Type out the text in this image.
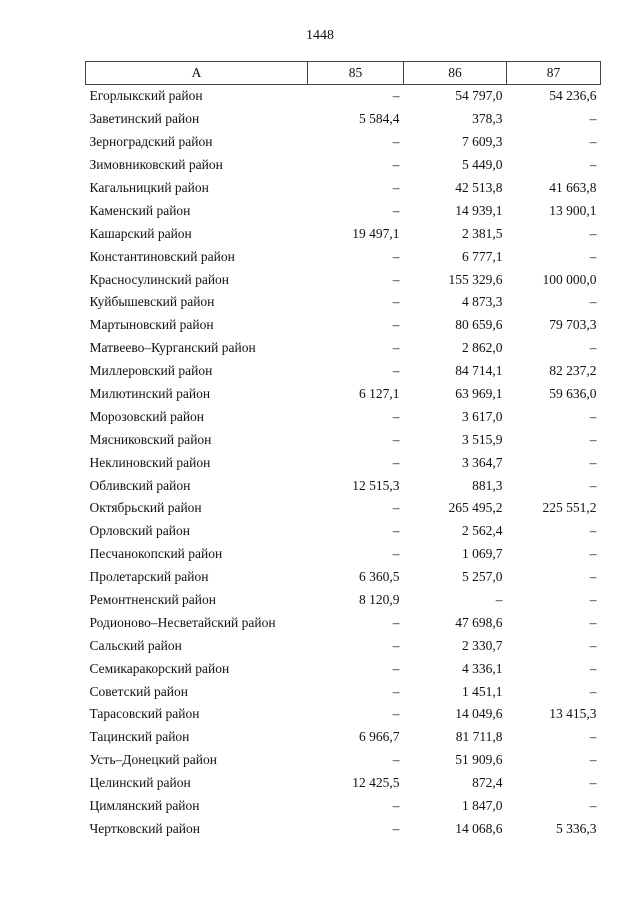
1448
А	85	86	87
Егорлыкский район	–	54 797,0	54 236,6
Заветинский район	5 584,4	378,3	–
Зерноградский район	–	7 609,3	–
Зимовниковский район	–	5 449,0	–
Кагальницкий район	–	42 513,8	41 663,8
Каменский район	–	14 939,1	13 900,1
Кашарский район	19 497,1	2 381,5	–
Константиновский район	–	6 777,1	–
Красносулинский район	–	155 329,6	100 000,0
Куйбышевский район	–	4 873,3	–
Мартыновский район	–	80 659,6	79 703,3
Матвеево–Курганский район	–	2 862,0	–
Миллеровский район	–	84 714,1	82 237,2
Милютинский район	6 127,1	63 969,1	59 636,0
Морозовский район	–	3 617,0	–
Мясниковский район	–	3 515,9	–
Неклиновский район	–	3 364,7	–
Обливский район	12 515,3	881,3	–
Октябрьский район	–	265 495,2	225 551,2
Орловский район	–	2 562,4	–
Песчанокопский район	–	1 069,7	–
Пролетарский район	6 360,5	5 257,0	–
Ремонтненский район	8 120,9	–	–
Родионово–Несветайский район	–	47 698,6	–
Сальский район	–	2 330,7	–
Семикаракорский район	–	4 336,1	–
Советский район	–	1 451,1	–
Тарасовский район	–	14 049,6	13 415,3
Тацинский район	6 966,7	81 711,8	–
Усть–Донецкий район	–	51 909,6	–
Целинский район	12 425,5	872,4	–
Цимлянский район	–	1 847,0	–
Чертковский район	–	14 068,6	5 336,3
